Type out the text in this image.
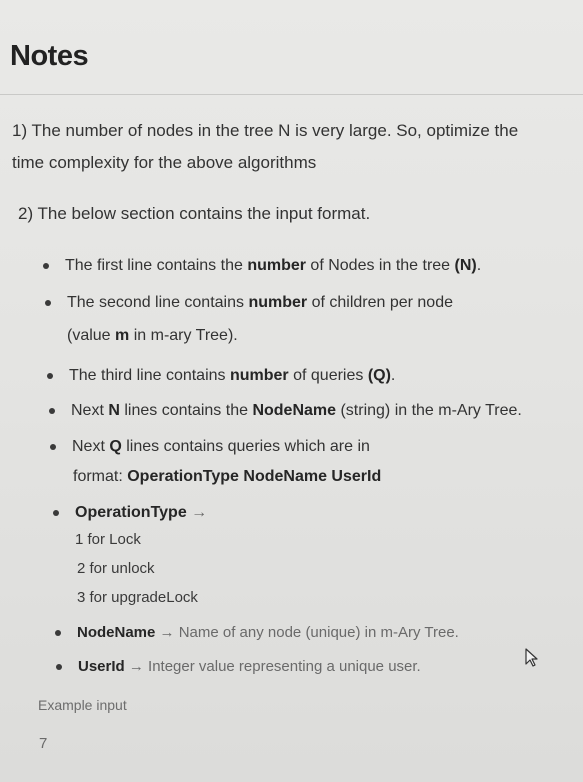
Notes
1) The number of nodes in the tree N is very large. So, optimize the
time complexity for the above algorithms
2) The below section contains the input format.
The first line contains the number of Nodes in the tree (N).
The second line contains number of children per node
(value m in m-ary Tree).
The third line contains number of queries (Q).
Next N lines contains the NodeName (string) in the m-Ary Tree.
Next Q lines contains queries which are in
format: OperationType NodeName UserId
OperationType →
1 for Lock
2 for unlock
3 for upgradeLock
NodeName → Name of any node (unique) in m-Ary Tree.
UserId → Integer value representing a unique user.
Example input
7
